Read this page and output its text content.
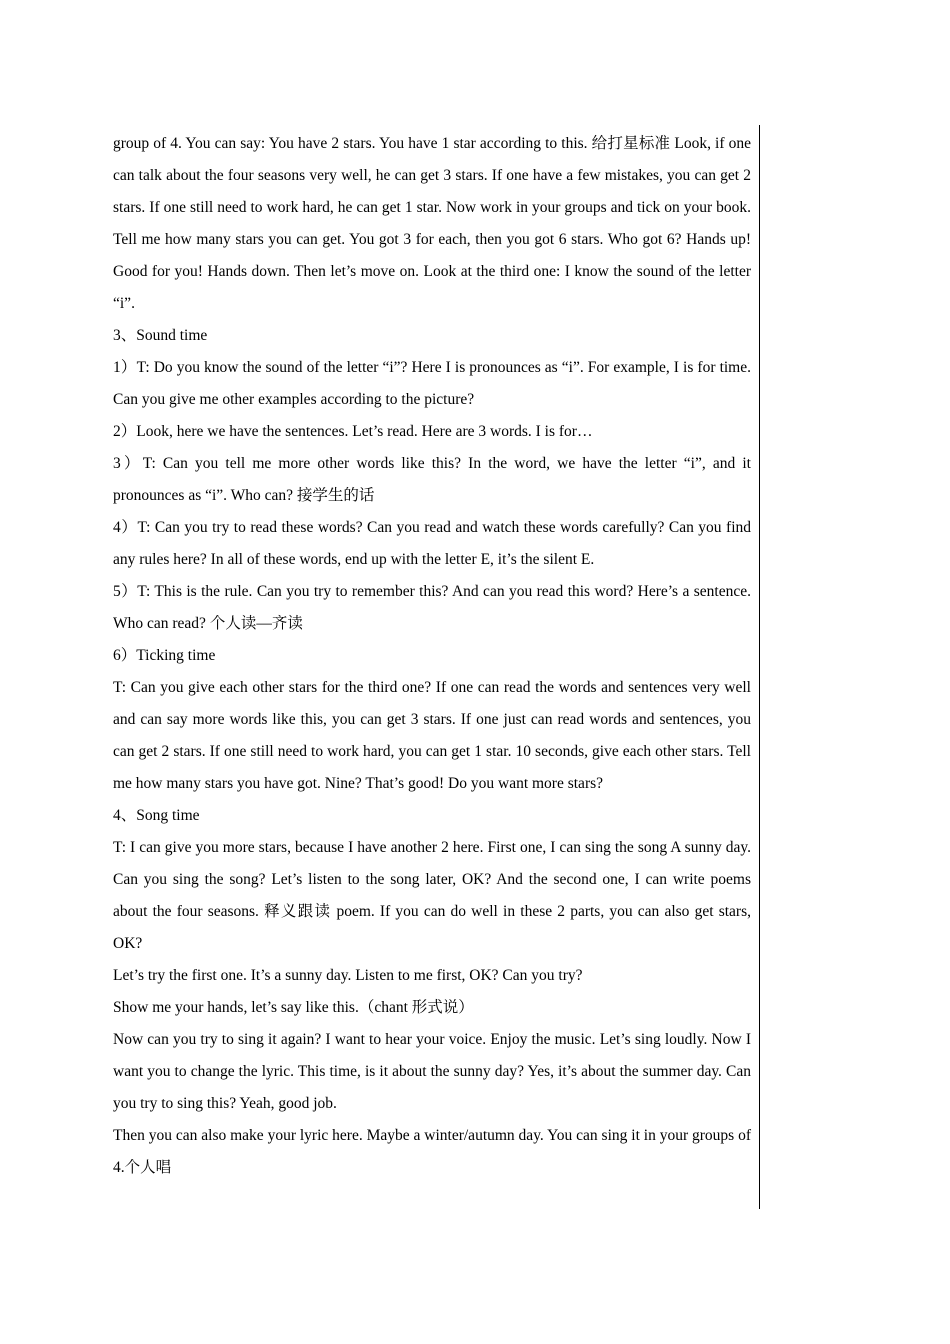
group of 4. You can say: You have 2 stars. You have 1 star according to this. 给打星标准 Look, if one can talk about the four seasons very well, he can get 3 stars. If one have a few mistakes, you can get 2 stars. If one still need to work hard, he can get 1 star. Now work in your groups and tick on your book. Tell me how many stars you can get. You got 3 for each, then you got 6 stars. Who got 6? Hands up! Good for you! Hands down. Then let’s move on. Look at the third one: I know the sound of the letter “i”.

3、Sound time

1）T: Do you know the sound of the letter “i”? Here I is pronounces as “i”. For example, I is for time. Can you give me other examples according to the picture?

2）Look, here we have the sentences. Let’s read. Here are 3 words. I is for…

3）T: Can you tell me more other words like this? In the word, we have the letter “i”, and it pronounces as “i”. Who can? 接学生的话

4）T: Can you try to read these words? Can you read and watch these words carefully? Can you find any rules here? In all of these words, end up with the letter E, it’s the silent E.

5）T: This is the rule. Can you try to remember this? And can you read this word? Here’s a sentence. Who can read? 个人读—齐读

6）Ticking time

T: Can you give each other stars for the third one? If one can read the words and sentences very well and can say more words like this, you can get 3 stars. If one just can read words and sentences, you can get 2 stars. If one still need to work hard, you can get 1 star. 10 seconds, give each other stars. Tell me how many stars you have got. Nine? That’s good! Do you want more stars?

4、Song time

T: I can give you more stars, because I have another 2 here. First one, I can sing the song A sunny day. Can you sing the song? Let’s listen to the song later, OK? And the second one, I can write poems about the four seasons. 释义跟读 poem. If you can do well in these 2 parts, you can also get stars, OK?

Let’s try the first one. It’s a sunny day. Listen to me first, OK? Can you try?

Show me your hands, let’s say like this.（chant 形式说）

Now can you try to sing it again? I want to hear your voice. Enjoy the music. Let’s sing loudly. Now I want you to change the lyric. This time, is it about the sunny day? Yes, it’s about the summer day. Can you try to sing this? Yeah, good job.

Then you can also make your lyric here. Maybe a winter/autumn day. You can sing it in your groups of 4.个人唱
